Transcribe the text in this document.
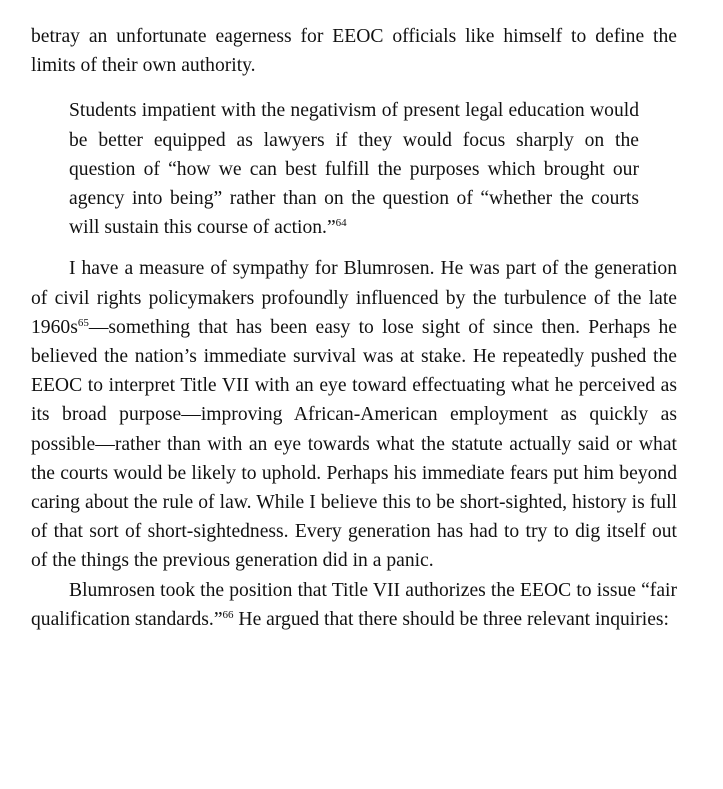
betray an unfortunate eagerness for EEOC officials like himself to define the limits of their own authority.

Students impatient with the negativism of present legal education would be better equipped as lawyers if they would focus sharply on the question of “how we can best fulfill the purposes which brought our agency into being” rather than on the question of “whether the courts will sustain this course of action.”$^{64}$

I have a measure of sympathy for Blumrosen. He was part of the generation of civil rights policymakers profoundly influenced by the turbulence of the late $1960s^{65}—something$ that has been easy to lose sight of since then. Perhaps he believed the nation’s immediate survival was at stake. He repeatedly pushed the EEOC to interpret Title VII with an eye toward effectuating what he perceived as its broad purpose—improving African-American employment as quickly as possible—rather than with an eye towards what the statute actually said or what the courts would be likely to uphold. Perhaps his immediate fears put him beyond caring about the rule of law. While I believe this to be short-sighted, history is full of that sort of short-sightedness. Every generation has had to try to dig itself out of the things the previous generation did in a panic.

Blumrosen took the position that Title VII authorizes the EEOC to issue “fair qualification standards.”$^{66}$ He argued that there should be three relevant inquiries:
